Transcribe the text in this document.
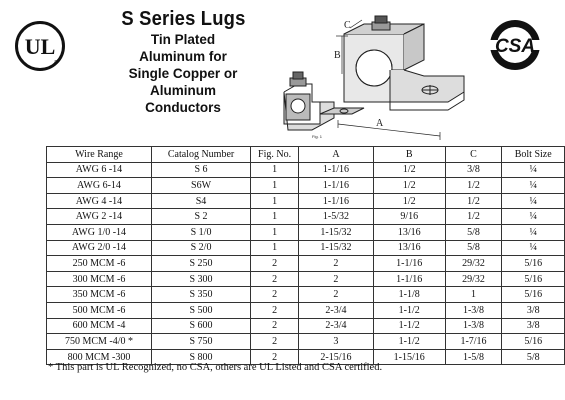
UL
®
CSA
S Series Lugs
Tin Plated
Aluminum for
Single Copper or
Aluminum
Conductors
A
B
C
Fig. 1
Wire Range	Catalog Number	Fig. No.	A	B	C	Bolt Size
AWG 6 -14	S 6	1	1-1/16	1/2	3/8	¼
AWG 6-14	S6W	1	1-1/16	1/2	1/2	¼
AWG 4 -14	S4	1	1-1/16	1/2	1/2	¼
AWG 2 -14	S 2	1	1-5/32	9/16	1/2	¼
AWG 1/0 -14	S 1/0	1	1-15/32	13/16	5/8	¼
AWG 2/0 -14	S 2/0	1	1-15/32	13/16	5/8	¼
250 MCM -6	S 250	2	2	1-1/16	29/32	5/16
300 MCM -6	S 300	2	2	1-1/16	29/32	5/16
350 MCM -6	S 350	2	2	1-1/8	1	5/16
500 MCM -6	S 500	2	2-3/4	1-1/2	1-3/8	3/8
600 MCM -4	S 600	2	2-3/4	1-1/2	1-3/8	3/8
750 MCM -4/0 *	S 750	2	3	1-1/2	1-7/16	5/16
800 MCM -300	S 800	2	2-15/16	1-15/16	1-5/8	5/8
* This part is UL Recognized, no CSA, others are UL Listed and CSA certified.
